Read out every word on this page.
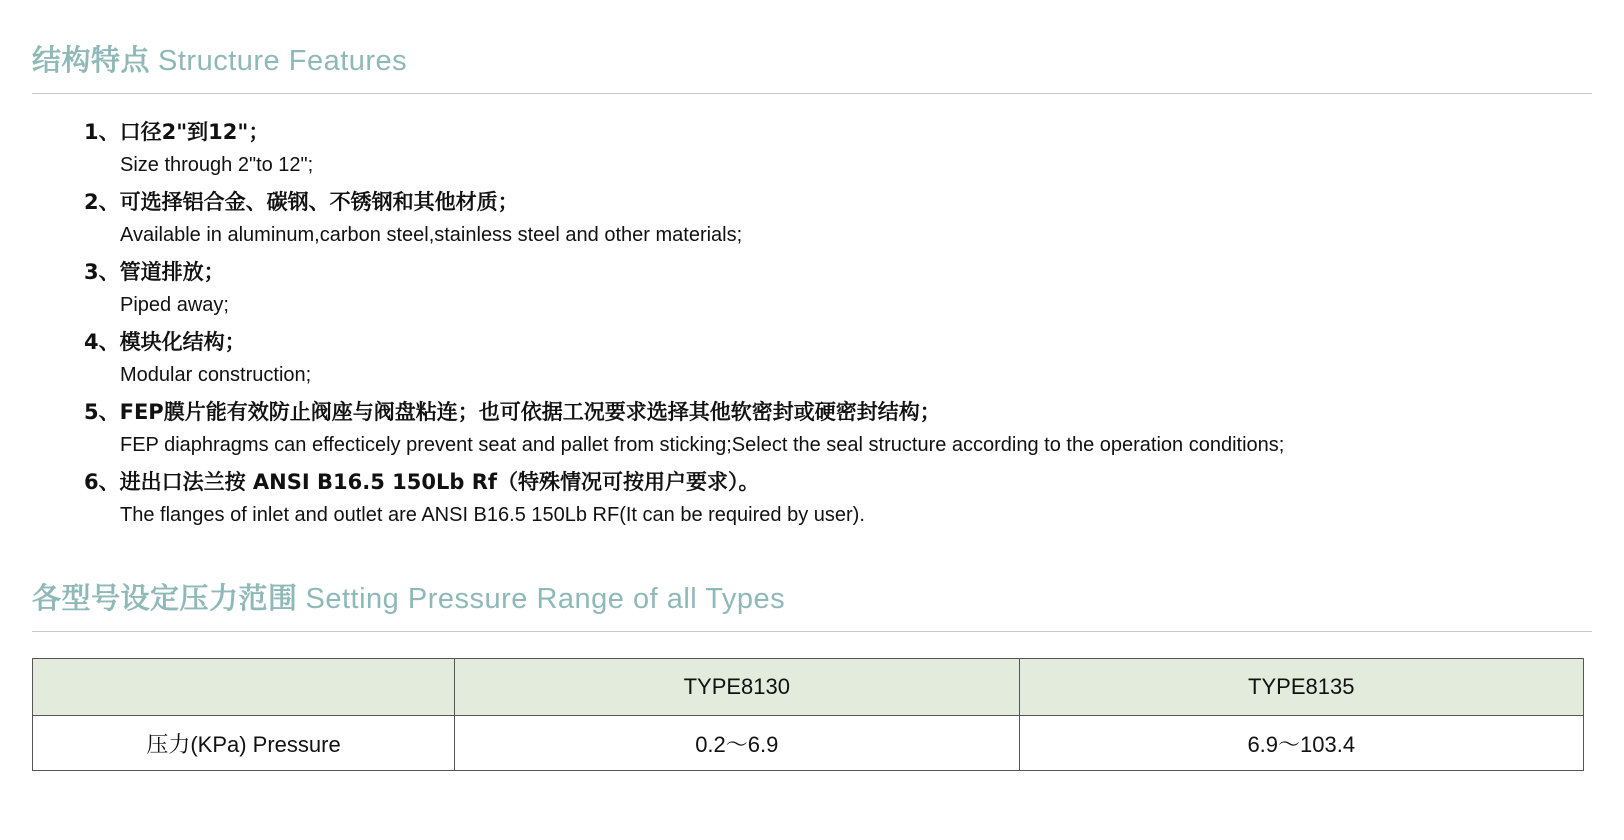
结构特点 Structure Features
1、口径2"到12"；
Size through 2"to 12";
2、可选择铝合金、碳钢、不锈钢和其他材质；
Available in aluminum,carbon steel,stainless steel and other materials;
3、管道排放；
Piped away;
4、模块化结构；
Modular construction;
5、FEP膜片能有效防止阀座与阀盘粘连；也可依据工况要求选择其他软密封或硬密封结构；
FEP diaphragms can effecticely prevent seat and pallet from sticking;Select the seal structure according to the operation conditions;
6、进出口法兰按 ANSI B16.5 150Lb Rf（特殊情况可按用户要求）。
The flanges of inlet and outlet are ANSI B16.5 150Lb RF(It can be required by user).
各型号设定压力范围 Setting Pressure Range of all Types
	TYPE8130	TYPE8135
压力(KPa) Pressure	0.2～6.9	6.9～103.4
